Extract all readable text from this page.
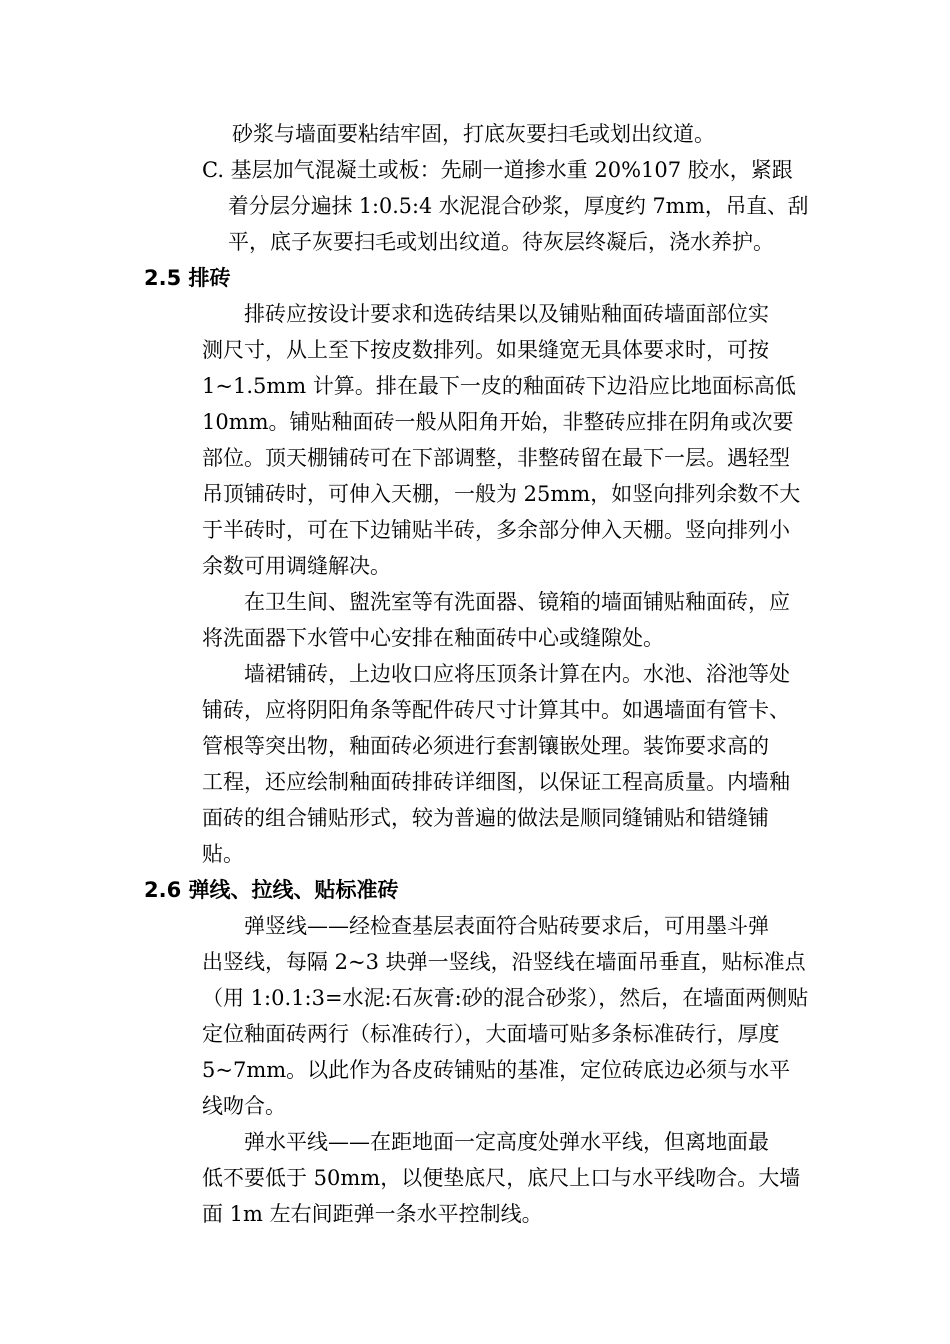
砂浆与墙面要粘结牢固，打底灰要扫毛或划出纹道。
C. 基层加气混凝土或板：先刷一道掺水重 20%107 胶水，紧跟
着分层分遍抹 1:0.5:4 水泥混合砂浆，厚度约 7mm，吊直、刮
平，底子灰要扫毛或划出纹道。待灰层终凝后，浇水养护。
2.5 排砖
排砖应按设计要求和选砖结果以及铺贴釉面砖墙面部位实
测尺寸，从上至下按皮数排列。如果缝宽无具体要求时，可按
1~1.5mm 计算。排在最下一皮的釉面砖下边沿应比地面标高低
10mm。铺贴釉面砖一般从阳角开始，非整砖应排在阴角或次要
部位。顶天棚铺砖可在下部调整，非整砖留在最下一层。遇轻型
吊顶铺砖时，可伸入天棚，一般为 25mm，如竖向排列余数不大
于半砖时，可在下边铺贴半砖，多余部分伸入天棚。竖向排列小
余数可用调缝解决。
在卫生间、盥洗室等有洗面器、镜箱的墙面铺贴釉面砖，应
将洗面器下水管中心安排在釉面砖中心或缝隙处。
墙裙铺砖，上边收口应将压顶条计算在内。水池、浴池等处
铺砖，应将阴阳角条等配件砖尺寸计算其中。如遇墙面有管卡、
管根等突出物，釉面砖必须进行套割镶嵌处理。装饰要求高的
工程，还应绘制釉面砖排砖详细图，以保证工程高质量。内墙釉
面砖的组合铺贴形式，较为普遍的做法是顺同缝铺贴和错缝铺
贴。
2.6 弹线、拉线、贴标准砖
弹竖线——经检查基层表面符合贴砖要求后，可用墨斗弹
出竖线，每隔 2~3 块弹一竖线，沿竖线在墙面吊垂直，贴标准点
（用 1:0.1:3=水泥:石灰膏:砂的混合砂浆），然后，在墙面两侧贴
定位釉面砖两行（标准砖行），大面墙可贴多条标准砖行，厚度
5~7mm。以此作为各皮砖铺贴的基准，定位砖底边必须与水平
线吻合。
弹水平线——在距地面一定高度处弹水平线，但离地面最
低不要低于 50mm，以便垫底尺，底尺上口与水平线吻合。大墙
面 1m 左右间距弹一条水平控制线。
